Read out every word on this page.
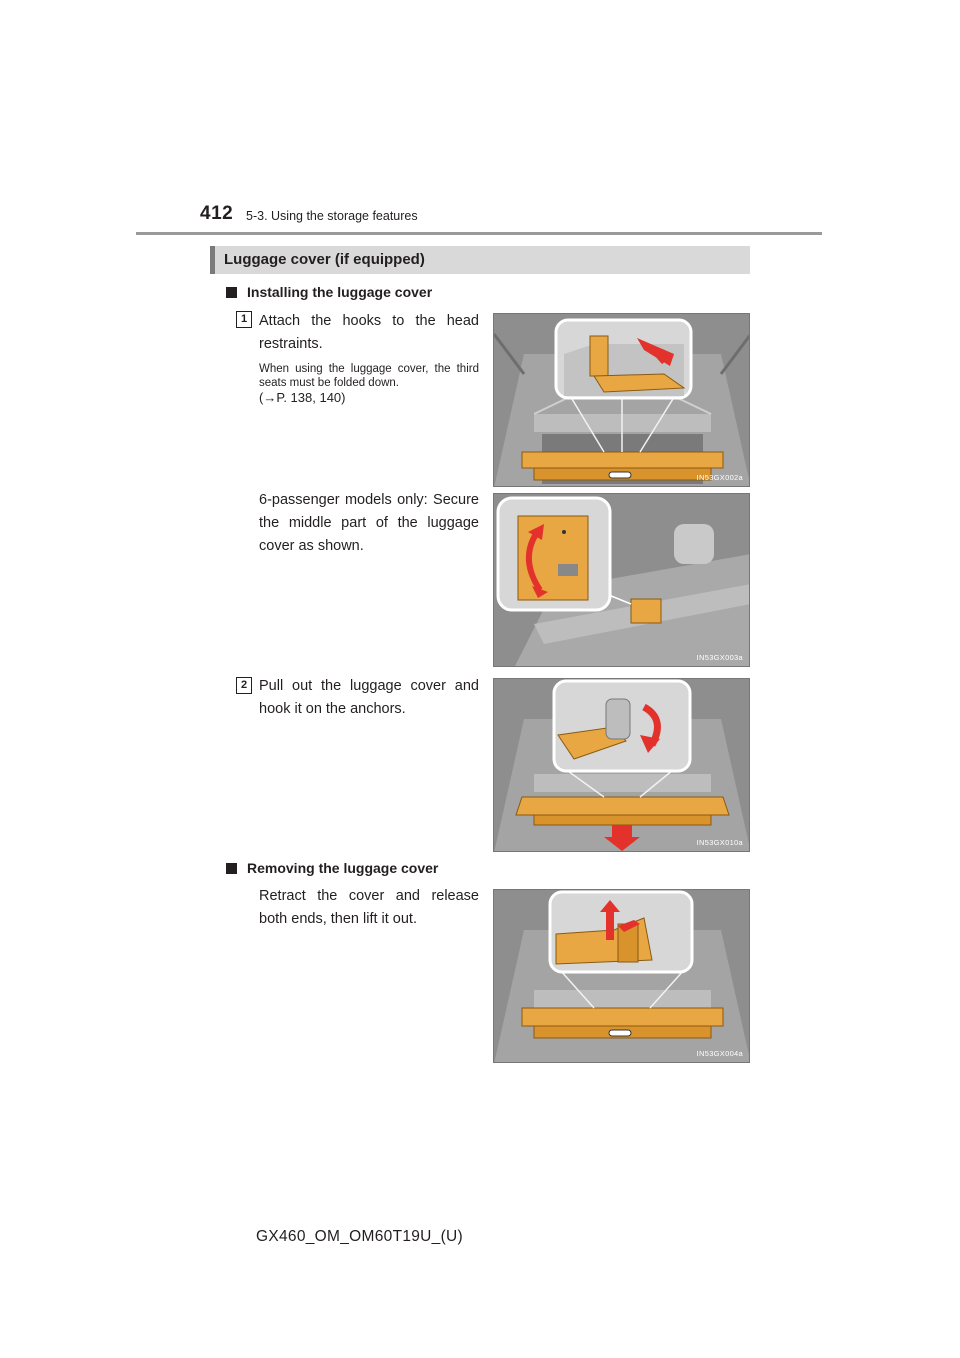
412 5-3. Using the storage features
Luggage cover (if equipped)
Installing the luggage cover
1 Attach the hooks to the head restraints.
When using the luggage cover, the third seats must be folded down.
(→P. 138, 140)
IN53GX002a
6-passenger models only: Secure the middle part of the luggage cover as shown.
IN53GX003a
2 Pull out the luggage cover and hook it on the anchors.
IN53GX010a
Removing the luggage cover
Retract the cover and release both ends, then lift it out.
IN53GX004a
GX460_OM_OM60T19U_(U)
